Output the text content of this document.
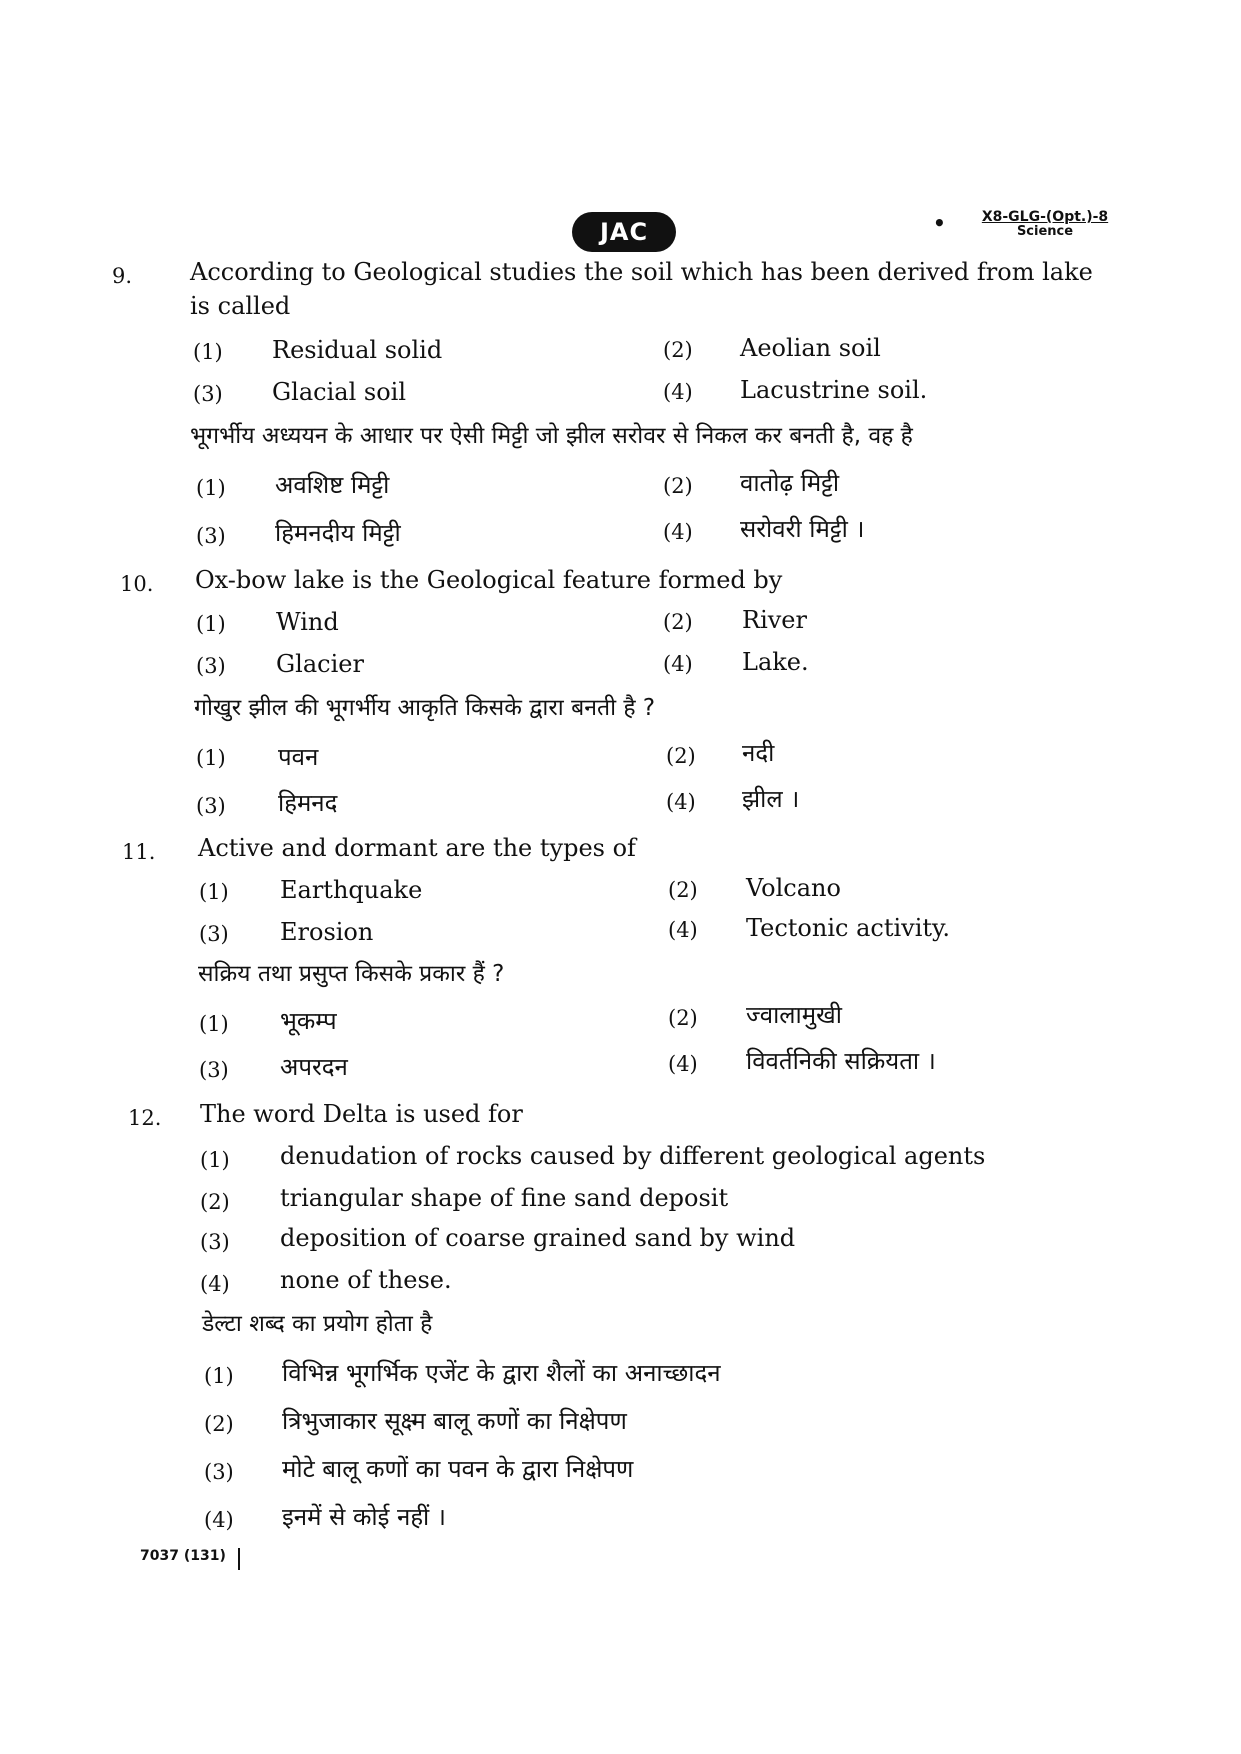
JAC	•	X8-GLG-(Opt.)-8
Science
9. According to Geological studies the soil which has been derived from lake
is called
(1) Residual solid	(2) Aeolian soil
(3) Glacial soil	(4) Lacustrine soil.
भूगर्भीय अध्ययन के आधार पर ऐसी मिट्टी जो झील सरोवर से निकल कर बनती है, वह है
(1) अवशिष्ट मिट्टी	(2) वातोढ़ मिट्टी
(3) हिमनदीय मिट्टी	(4) सरोवरी मिट्टी ।
10. Ox-bow lake is the Geological feature formed by
(1) Wind	(2) River
(3) Glacier	(4) Lake.
गोखुर झील की भूगर्भीय आकृति किसके द्वारा बनती है ?
(1) पवन	(2) नदी
(3) हिमनद	(4) झील ।
11. Active and dormant are the types of
(1) Earthquake	(2) Volcano
(3) Erosion	(4) Tectonic activity.
सक्रिय तथा प्रसुप्त किसके प्रकार हैं ?
(1) भूकम्प	(2) ज्वालामुखी
(3) अपरदन	(4) विवर्तनिकी सक्रियता ।
12. The word Delta is used for
(1) denudation of rocks caused by different geological agents
(2) triangular shape of fine sand deposit
(3) deposition of coarse grained sand by wind
(4) none of these.
डेल्टा शब्द का प्रयोग होता है
(1) विभिन्न भूगर्भिक एजेंट के द्वारा शैलों का अनाच्छादन
(2) त्रिभुजाकार सूक्ष्म बालू कणों का निक्षेपण
(3) मोटे बालू कणों का पवन के द्वारा निक्षेपण
(4) इनमें से कोई नहीं ।
7037 (131)
